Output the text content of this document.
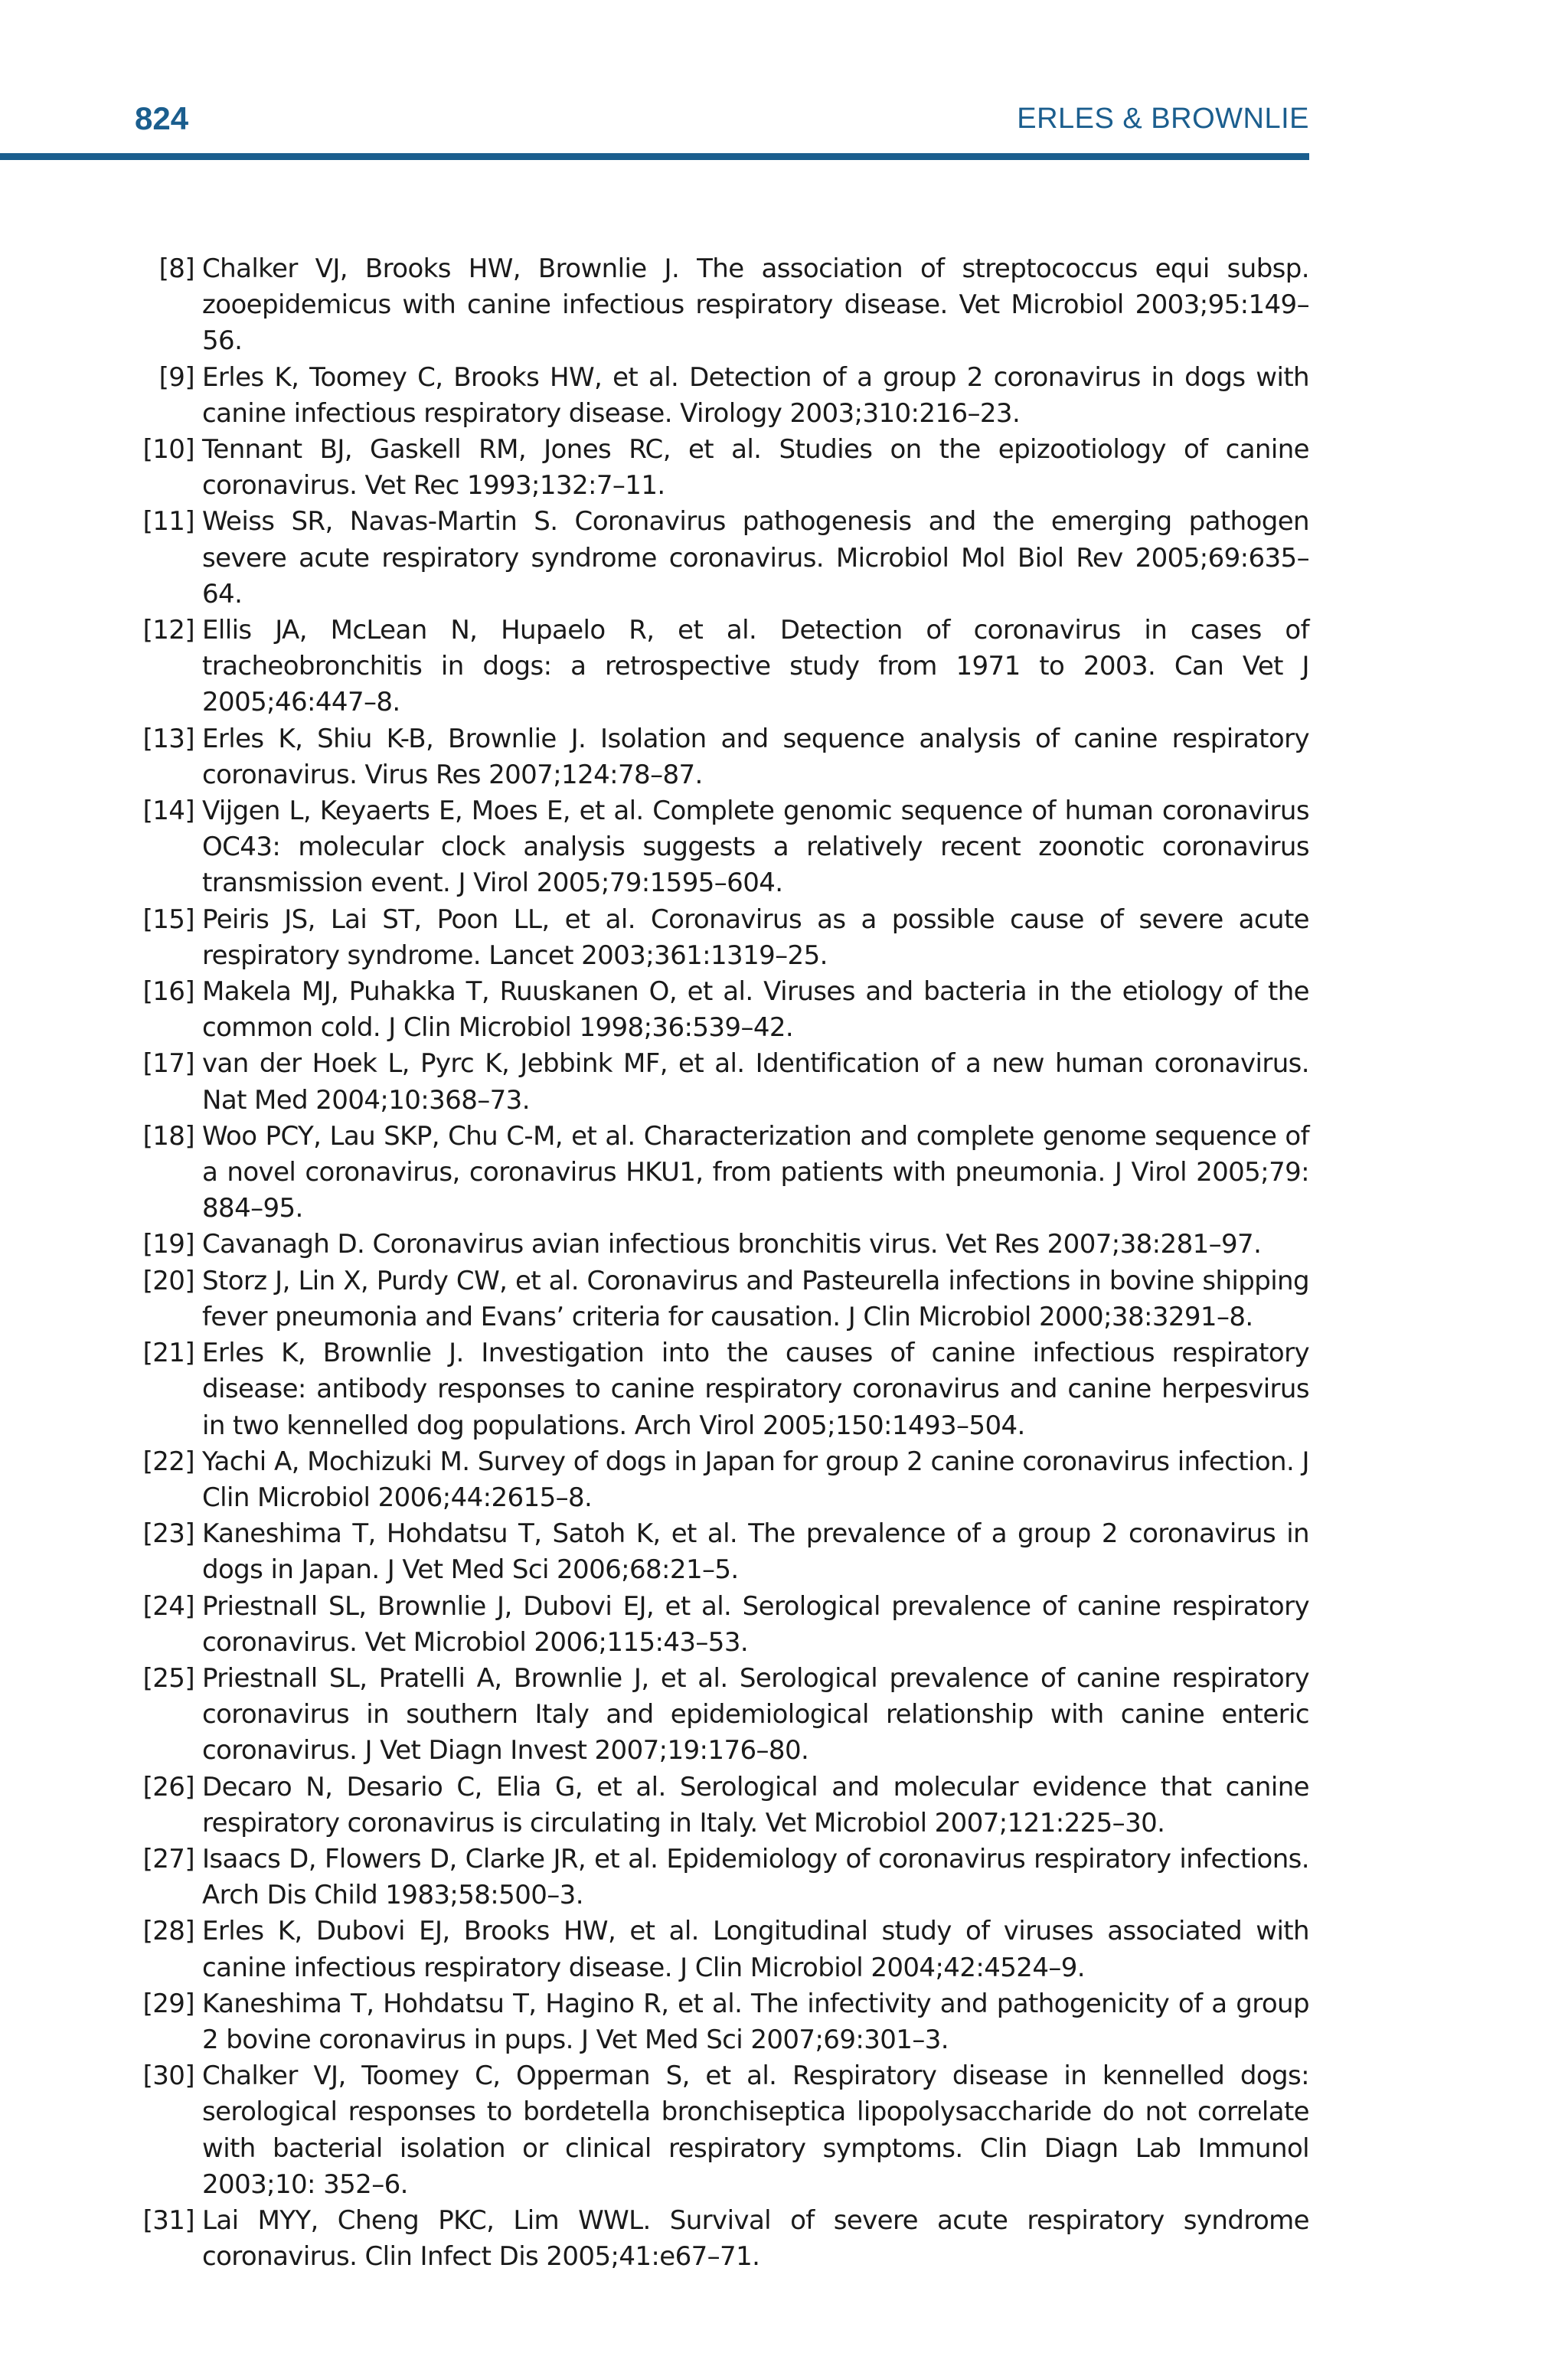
824	ERLES & BROWNLIE
[8] Chalker VJ, Brooks HW, Brownlie J. The association of streptococcus equi subsp. zooepidemicus with canine infectious respiratory disease. Vet Microbiol 2003;95:149–56.
[9] Erles K, Toomey C, Brooks HW, et al. Detection of a group 2 coronavirus in dogs with canine infectious respiratory disease. Virology 2003;310:216–23.
[10] Tennant BJ, Gaskell RM, Jones RC, et al. Studies on the epizootiology of canine coronavirus. Vet Rec 1993;132:7–11.
[11] Weiss SR, Navas-Martin S. Coronavirus pathogenesis and the emerging pathogen severe acute respiratory syndrome coronavirus. Microbiol Mol Biol Rev 2005;69:635–64.
[12] Ellis JA, McLean N, Hupaelo R, et al. Detection of coronavirus in cases of tracheobronchitis in dogs: a retrospective study from 1971 to 2003. Can Vet J 2005;46:447–8.
[13] Erles K, Shiu K-B, Brownlie J. Isolation and sequence analysis of canine respiratory coronavirus. Virus Res 2007;124:78–87.
[14] Vijgen L, Keyaerts E, Moes E, et al. Complete genomic sequence of human coronavirus OC43: molecular clock analysis suggests a relatively recent zoonotic coronavirus transmission event. J Virol 2005;79:1595–604.
[15] Peiris JS, Lai ST, Poon LL, et al. Coronavirus as a possible cause of severe acute respiratory syndrome. Lancet 2003;361:1319–25.
[16] Makela MJ, Puhakka T, Ruuskanen O, et al. Viruses and bacteria in the etiology of the common cold. J Clin Microbiol 1998;36:539–42.
[17] van der Hoek L, Pyrc K, Jebbink MF, et al. Identification of a new human coronavirus. Nat Med 2004;10:368–73.
[18] Woo PCY, Lau SKP, Chu C-M, et al. Characterization and complete genome sequence of a novel coronavirus, coronavirus HKU1, from patients with pneumonia. J Virol 2005;79: 884–95.
[19] Cavanagh D. Coronavirus avian infectious bronchitis virus. Vet Res 2007;38:281–97.
[20] Storz J, Lin X, Purdy CW, et al. Coronavirus and Pasteurella infections in bovine shipping fever pneumonia and Evans’ criteria for causation. J Clin Microbiol 2000;38:3291–8.
[21] Erles K, Brownlie J. Investigation into the causes of canine infectious respiratory disease: antibody responses to canine respiratory coronavirus and canine herpesvirus in two kennelled dog populations. Arch Virol 2005;150:1493–504.
[22] Yachi A, Mochizuki M. Survey of dogs in Japan for group 2 canine coronavirus infection. J Clin Microbiol 2006;44:2615–8.
[23] Kaneshima T, Hohdatsu T, Satoh K, et al. The prevalence of a group 2 coronavirus in dogs in Japan. J Vet Med Sci 2006;68:21–5.
[24] Priestnall SL, Brownlie J, Dubovi EJ, et al. Serological prevalence of canine respiratory coronavirus. Vet Microbiol 2006;115:43–53.
[25] Priestnall SL, Pratelli A, Brownlie J, et al. Serological prevalence of canine respiratory coronavirus in southern Italy and epidemiological relationship with canine enteric coronavirus. J Vet Diagn Invest 2007;19:176–80.
[26] Decaro N, Desario C, Elia G, et al. Serological and molecular evidence that canine respiratory coronavirus is circulating in Italy. Vet Microbiol 2007;121:225–30.
[27] Isaacs D, Flowers D, Clarke JR, et al. Epidemiology of coronavirus respiratory infections. Arch Dis Child 1983;58:500–3.
[28] Erles K, Dubovi EJ, Brooks HW, et al. Longitudinal study of viruses associated with canine infectious respiratory disease. J Clin Microbiol 2004;42:4524–9.
[29] Kaneshima T, Hohdatsu T, Hagino R, et al. The infectivity and pathogenicity of a group 2 bovine coronavirus in pups. J Vet Med Sci 2007;69:301–3.
[30] Chalker VJ, Toomey C, Opperman S, et al. Respiratory disease in kennelled dogs: serological responses to bordetella bronchiseptica lipopolysaccharide do not correlate with bacterial isolation or clinical respiratory symptoms. Clin Diagn Lab Immunol 2003;10: 352–6.
[31] Lai MYY, Cheng PKC, Lim WWL. Survival of severe acute respiratory syndrome coronavirus. Clin Infect Dis 2005;41:e67–71.
